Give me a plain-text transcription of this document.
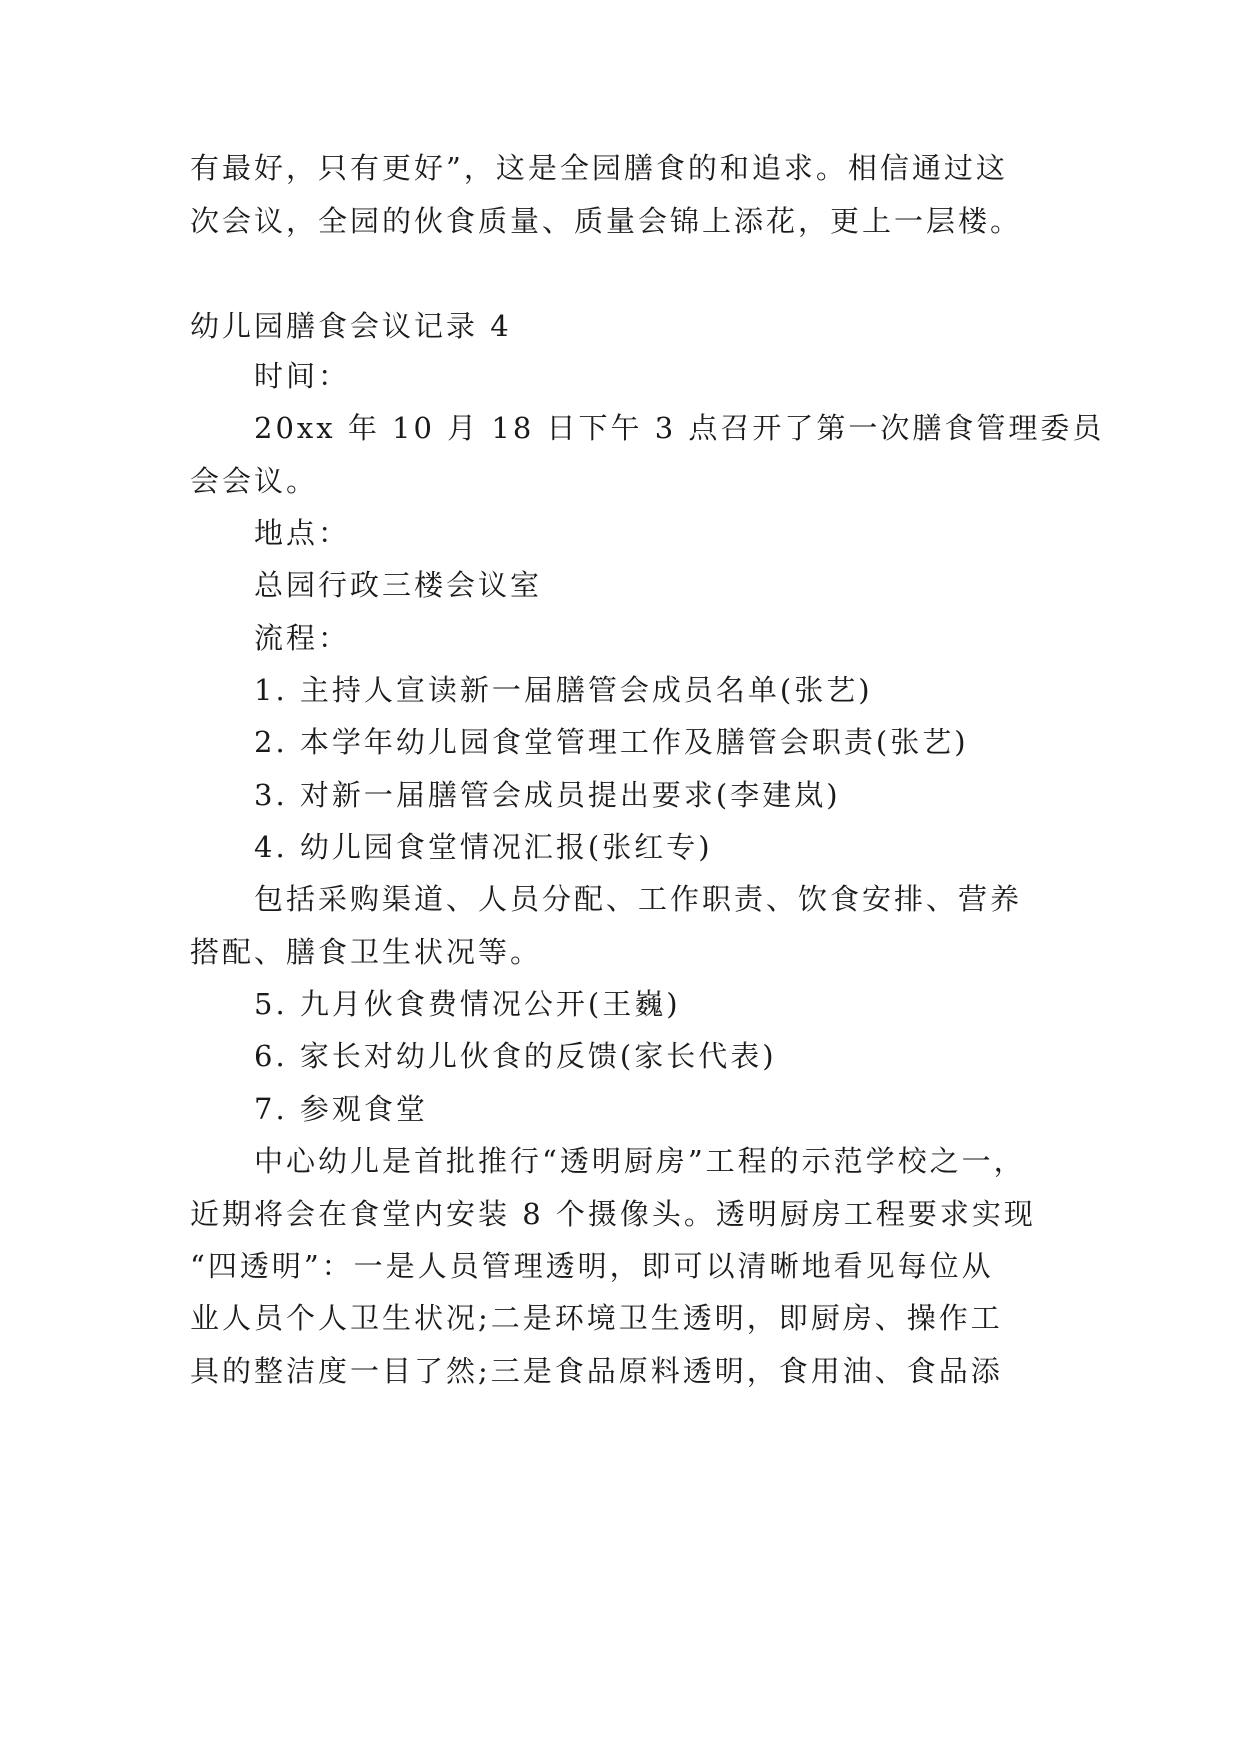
有最好，只有更好”，这是全园膳食的和追求。相信通过这
次会议，全园的伙食质量、质量会锦上添花，更上一层楼。
幼儿园膳食会议记录 4
时间：
20xx 年 10 月 18 日下午 3 点召开了第一次膳食管理委员
会会议。
地点：
总园行政三楼会议室
流程：
1. 主持人宣读新一届膳管会成员名单(张艺)
2. 本学年幼儿园食堂管理工作及膳管会职责(张艺)
3. 对新一届膳管会成员提出要求(李建岚)
4. 幼儿园食堂情况汇报(张红专)
包括采购渠道、人员分配、工作职责、饮食安排、营养
搭配、膳食卫生状况等。
5. 九月伙食费情况公开(王巍)
6. 家长对幼儿伙食的反馈(家长代表)
7. 参观食堂
中心幼儿是首批推行“透明厨房”工程的示范学校之一，
近期将会在食堂内安装 8 个摄像头。透明厨房工程要求实现
“四透明”：一是人员管理透明，即可以清晰地看见每位从
业人员个人卫生状况;二是环境卫生透明，即厨房、操作工
具的整洁度一目了然;三是食品原料透明，食用油、食品添
